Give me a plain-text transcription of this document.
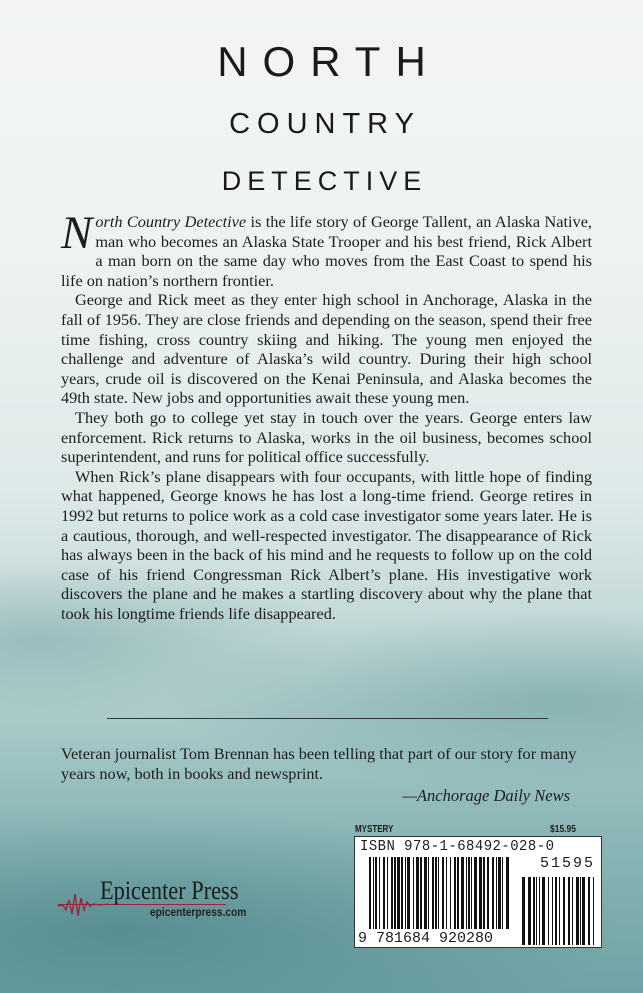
NORTH
COUNTRY
DETECTIVE

North Country Detective is the life story of George Tallent, an Alaska Native, man who becomes an Alaska State Trooper and his best friend, Rick Albert a man born on the same day who moves from the East Coast to spend his life on nation’s northern frontier.

George and Rick meet as they enter high school in Anchorage, Alaska in the fall of 1956. They are close friends and depending on the season, spend their free time fishing, cross country skiing and hiking. The young men enjoyed the challenge and adventure of Alaska’s wild country. During their high school years, crude oil is discovered on the Kenai Peninsula, and Alaska becomes the 49th state. New jobs and opportunities await these young men.

They both go to college yet stay in touch over the years. George enters law enforcement. Rick returns to Alaska, works in the oil business, becomes school superintendent, and runs for political office successfully.

When Rick’s plane disappears with four occupants, with little hope of finding what happened, George knows he has lost a long-time friend. George retires in 1992 but returns to police work as a cold case investigator some years later. He is a cautious, thorough, and well-respected investigator. The disappearance of Rick has always been in the back of his mind and he requests to follow up on the cold case of his friend Congressman Rick Albert’s plane. His investigative work discovers the plane and he makes a startling discovery about why the plane that took his longtime friends life disappeared.

Veteran journalist Tom Brennan has been telling that part of our story for many years now, both in books and newsprint.
—Anchorage Daily News
Epicenter Press
epicenterpress.com
MYSTERY	$15.95
ISBN 978-1-68492-028-0
51595
9 781684 920280
